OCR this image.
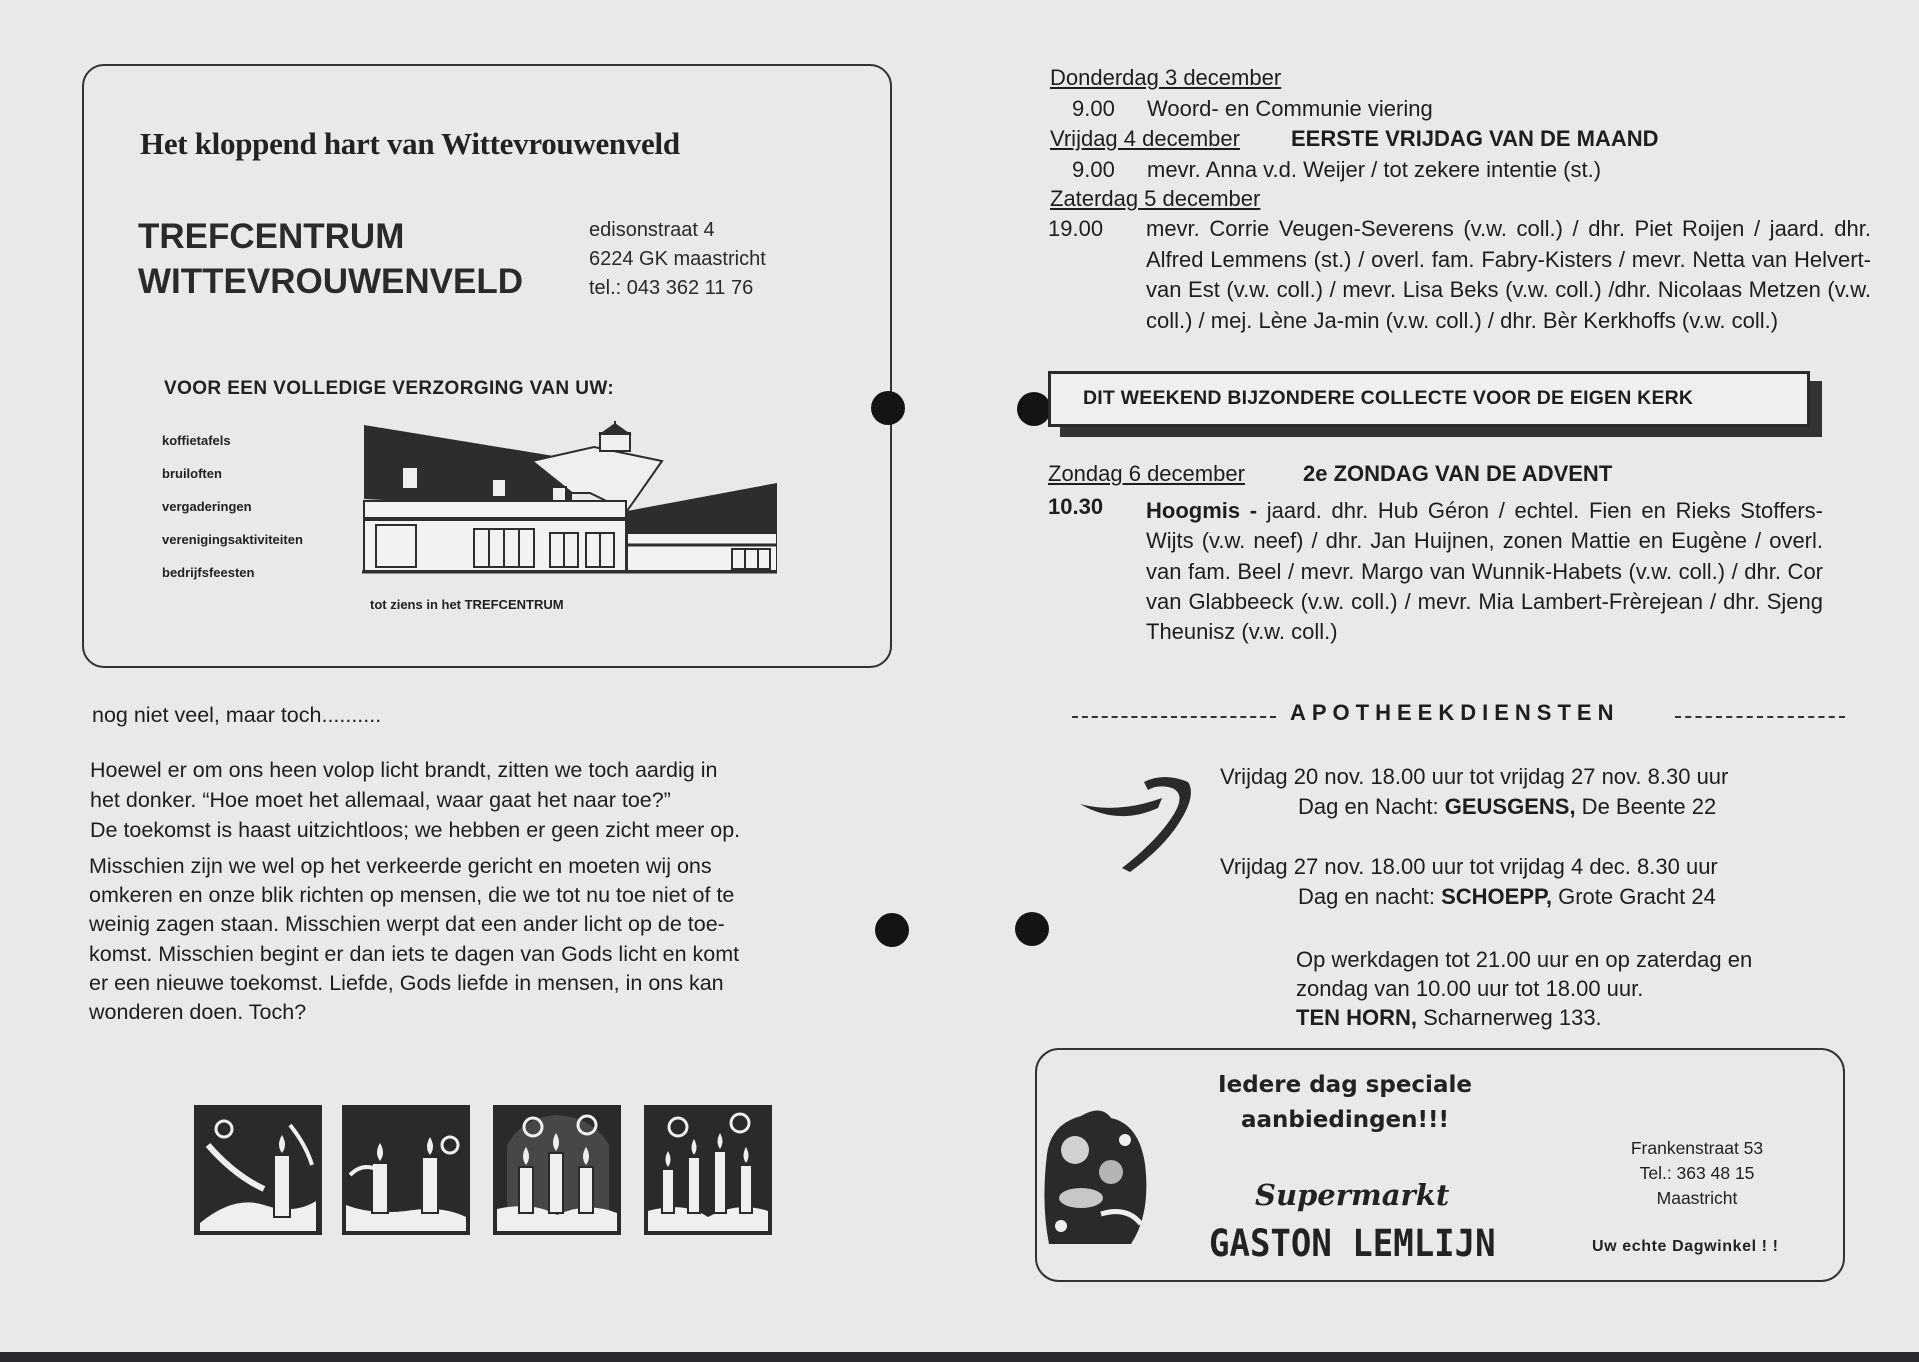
Het kloppend hart van Wittevrouwenveld
TREFCENTRUM
WITTEVROUWENVELD
edisonstraat 4
6224 GK maastricht
tel.: 043 362 11 76
VOOR EEN VOLLEDIGE VERZORGING VAN UW:
koffietafels
bruiloften
vergaderingen
verenigingsaktiviteiten
bedrijfsfeesten
tot ziens in het TREFCENTRUM
nog niet veel, maar toch..........

Hoewel er om ons heen volop licht brandt, zitten we toch aardig in

het donker. “Hoe moet het allemaal, waar gaat het naar toe?”

De toekomst is haast uitzichtloos; we hebben er geen zicht meer op.

Misschien zijn we wel op het verkeerde gericht en moeten wij ons

omkeren en onze blik richten op mensen, die we tot nu toe niet of te

weinig zagen staan. Misschien werpt dat een ander licht op de toe-

komst. Misschien begint er dan iets te dagen van Gods licht en komt

er een nieuwe toekomst. Liefde, Gods liefde in mensen, in ons kan

wonderen doen. Toch?

Donderdag 3 december
9.00 Woord- en Communie viering
Vrijdag 4 december EERSTE VRIJDAG VAN DE MAAND
9.00 mevr. Anna v.d. Weijer / tot zekere intentie (st.)
Zaterdag 5 december
19.00 mevr. Corrie Veugen-Severens (v.w. coll.) / dhr. Piet Roijen / jaard. dhr. Alfred Lemmens (st.) / overl. fam. Fabry-Kisters / mevr. Netta van Helvert-van Est (v.w. coll.) / mevr. Lisa Beks (v.w. coll.) /dhr. Nicolaas Metzen (v.w. coll.) / mej. Lène Ja-min (v.w. coll.) / dhr. Bèr Kerkhoffs (v.w. coll.)
DIT WEEKEND BIJZONDERE COLLECTE VOOR DE EIGEN KERK
Zondag 6 december	2e ZONDAG VAN DE ADVENT
10.30 Hoogmis - jaard. dhr. Hub Géron / echtel. Fien en Rieks Stoffers-Wijts (v.w. neef) / dhr. Jan Huijnen, zonen Mattie en Eugène / overl. van fam. Beel / mevr. Margo van Wunnik-Habets (v.w. coll.) / dhr. Cor van Glabbeeck (v.w. coll.) / mevr. Mia Lambert-Frèrejean / dhr. Sjeng Theunisz (v.w. coll.)
APOTHEEKDIENSTEN
Vrijdag 20 nov. 18.00 uur tot vrijdag 27 nov. 8.30 uur
Dag en Nacht: GEUSGENS, De Beente 22
Vrijdag 27 nov. 18.00 uur tot vrijdag 4 dec. 8.30 uur
Dag en nacht: SCHOEPP, Grote Gracht 24
Op werkdagen tot 21.00 uur en op zaterdag en
zondag van 10.00 uur tot 18.00 uur.
TEN HORN, Scharnerweg 133.
Iedere dag speciale
aanbiedingen!!!
Supermarkt
GASTON LEMLIJN
Frankenstraat 53
Tel.: 363 48 15
Maastricht
Uw echte Dagwinkel ! !
